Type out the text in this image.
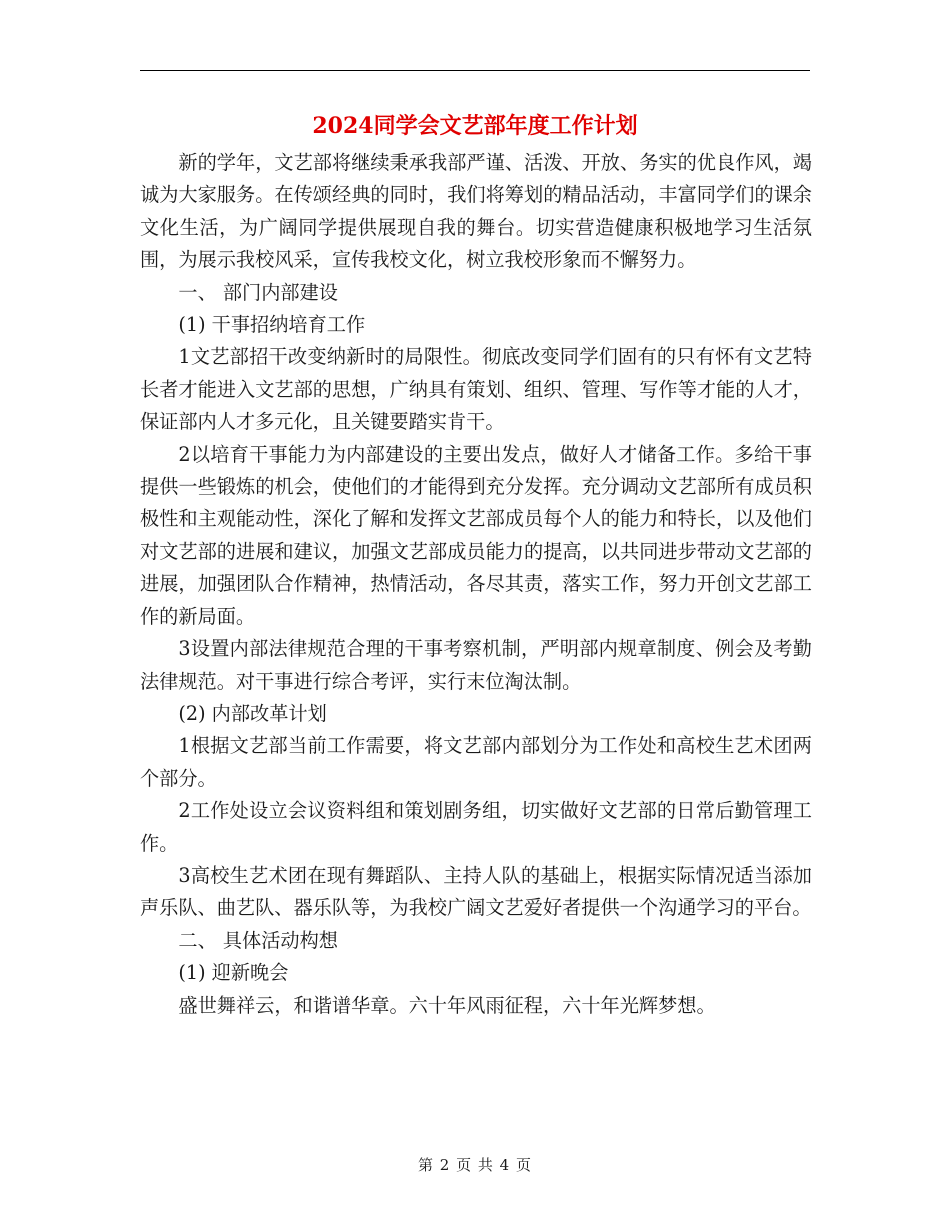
2024同学会文艺部年度工作计划

新的学年，文艺部将继续秉承我部严谨、活泼、开放、务实的优良作风，竭诚为大家服务。在传颂经典的同时，我们将筹划的精品活动，丰富同学们的课余文化生活，为广阔同学提供展现自我的舞台。切实营造健康积极地学习生活氛围，为展示我校风采，宣传我校文化，树立我校形象而不懈努力。

一、 部门内部建设

(1) 干事招纳培育工作

1文艺部招干改变纳新时的局限性。彻底改变同学们固有的只有怀有文艺特长者才能进入文艺部的思想，广纳具有策划、组织、管理、写作等才能的人才，保证部内人才多元化，且关键要踏实肯干。

2以培育干事能力为内部建设的主要出发点，做好人才储备工作。多给干事提供一些锻炼的机会，使他们的才能得到充分发挥。充分调动文艺部所有成员积极性和主观能动性，深化了解和发挥文艺部成员每个人的能力和特长，以及他们对文艺部的进展和建议，加强文艺部成员能力的提高，以共同进步带动文艺部的进展，加强团队合作精神，热情活动，各尽其责，落实工作，努力开创文艺部工作的新局面。

3设置内部法律规范合理的干事考察机制，严明部内规章制度、例会及考勤法律规范。对干事进行综合考评，实行末位淘汰制。

(2) 内部改革计划

1根据文艺部当前工作需要，将文艺部内部划分为工作处和高校生艺术团两个部分。

2工作处设立会议资料组和策划剧务组，切实做好文艺部的日常后勤管理工作。

3高校生艺术团在现有舞蹈队、主持人队的基础上，根据实际情况适当添加声乐队、曲艺队、器乐队等，为我校广阔文艺爱好者提供一个沟通学习的平台。

二、 具体活动构想

(1) 迎新晚会

盛世舞祥云，和谐谱华章。六十年风雨征程，六十年光辉梦想。

第 2 页 共 4 页
